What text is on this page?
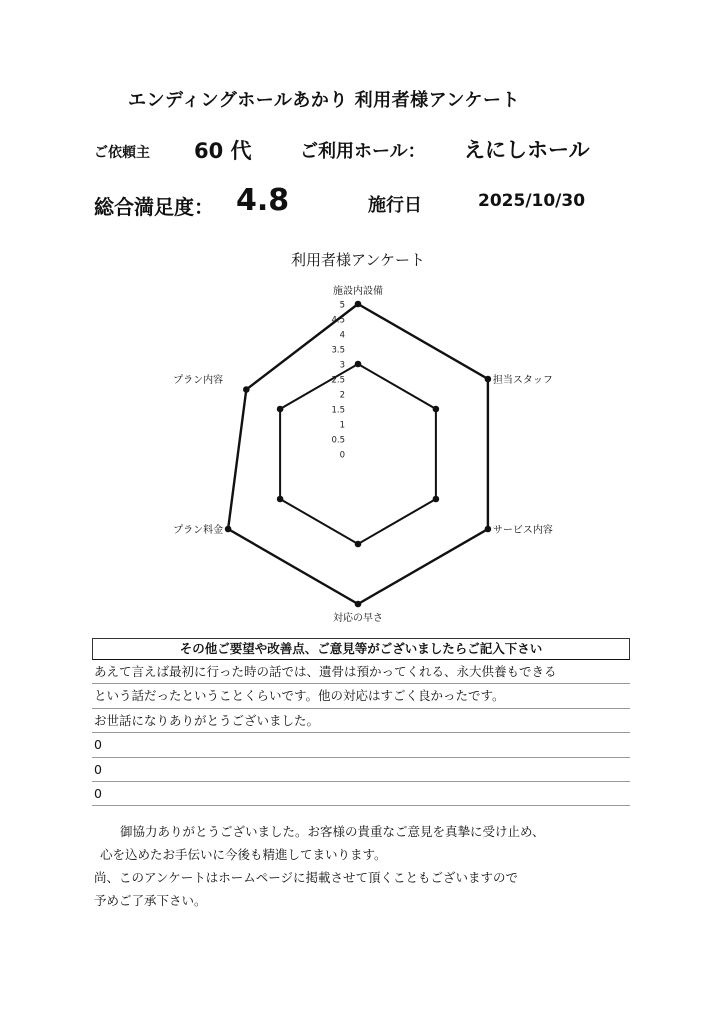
エンディングホールあかり 利用者様アンケート
ご依頼主 60 代	ご利用ホール： えにしホール
総合満足度： 4.8	施行日	2025/10/30
利用者様アンケート
0
0.5
1
1.5
2
2.5
3
3.5
4
4.5
5
施設内設備
担当スタッフ
サービス内容
対応の早さ
プラン料金
プラン内容
その他ご要望や改善点、ご意見等がございましたらご記入下さい
あえて言えば最初に行った時の話では、遺骨は預かってくれる、永大供養もできる
という話だったということくらいです。他の対応はすごく良かったです。
お世話になりありがとうございました。
0
0
0
御協力ありがとうございました。お客様の貴重なご意見を真摯に受け止め、
心を込めたお手伝いに今後も精進してまいります。
尚、このアンケートはホームページに掲載させて頂くこともございますので
予めご了承下さい。
